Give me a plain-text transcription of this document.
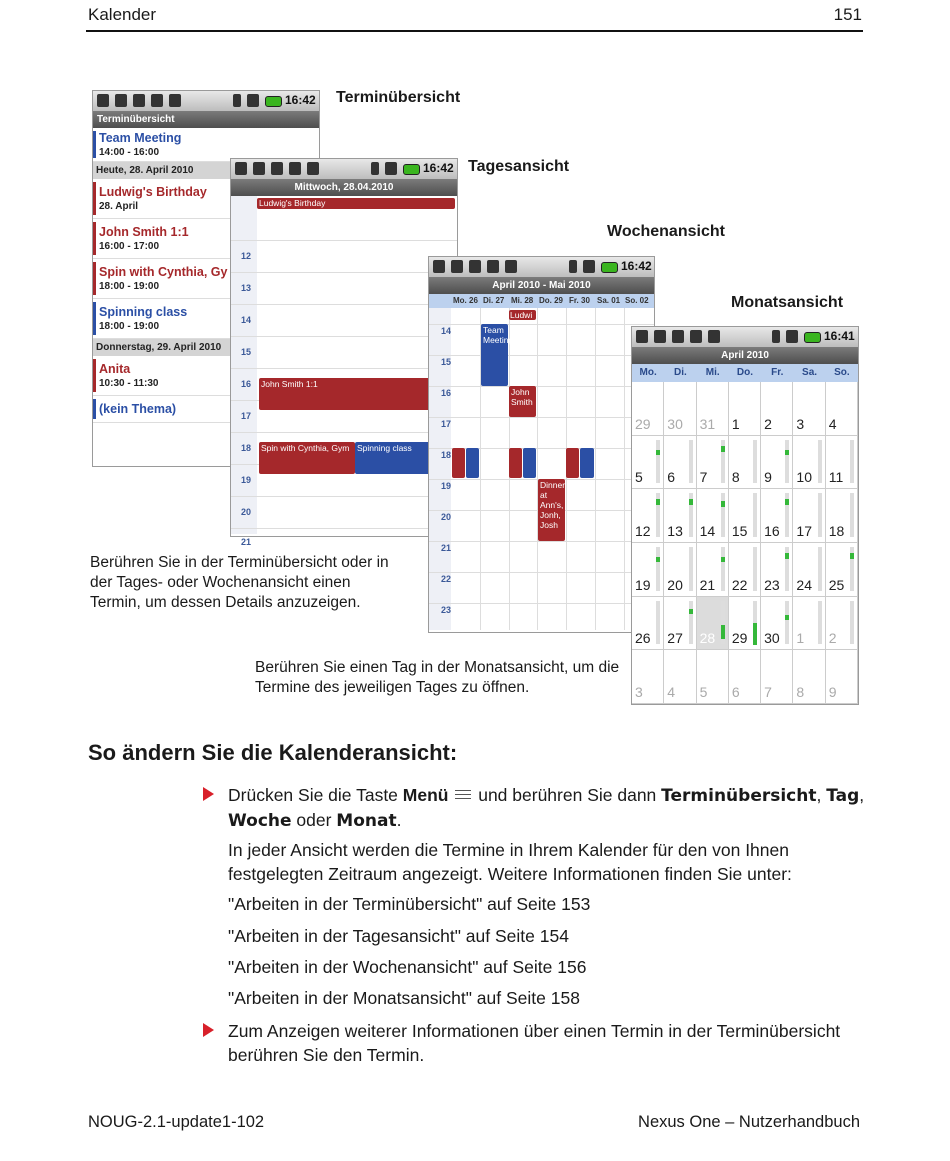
Kalender	151
Terminübersicht
Tagesansicht
Wochenansicht
Monatsansicht
16:42
Terminübersicht
Team Meeting
14:00 - 16:00
Heute, 28. April 2010
Ludwig's Birthday
28. April
John Smith 1:1
16:00 - 17:00
Spin with Cynthia, Gy
18:00 - 19:00
Spinning class
18:00 - 19:00
Donnerstag, 29. April 2010
Anita
10:30 - 11:30
(kein Thema)
16:42
Mittwoch, 28.04.2010
Ludwig's Birthday
12
13
14
15
16
17
18
19
20
21
John Smith 1:1
Spin with Cynthia, Gym Spinning class
16:42
April 2010 - Mai 2010
Mo. 26 Di. 27 Mi. 28 Do. 29 Fr. 30 Sa. 01 So. 02
Ludwi
14
15
16
17
18
19
20
21
22
23
Team Meeting
John Smith
Dinner at Ann's, Jonh, Josh
16:41
April 2010
Mo.	Di.	Mi.	Do.	Fr.	Sa.	So.
29 30 31 1 2 3 4
5 6 7 8 9 10 11
12 13 14 15 16 17 18
19 20 21 22 23 24 25
26 27 28 29 30 1 2
3 4 5 6 7 8 9
Berühren Sie in der Terminübersicht oder in der Tages- oder Wochenansicht einen Termin, um dessen Details anzuzeigen.
Berühren Sie einen Tag in der Monatsansicht, um die Termine des jeweiligen Tages zu öffnen.
So ändern Sie die Kalenderansicht:
Drücken Sie die Taste Menü  und berühren Sie dann Terminübersicht, Tag,
Woche oder Monat.
In jeder Ansicht werden die Termine in Ihrem Kalender für den von Ihnen festgelegten Zeitraum angezeigt. Weitere Informationen finden Sie unter:
"Arbeiten in der Terminübersicht" auf Seite 153
"Arbeiten in der Tagesansicht" auf Seite 154
"Arbeiten in der Wochenansicht" auf Seite 156
"Arbeiten in der Monatsansicht" auf Seite 158
Zum Anzeigen weiterer Informationen über einen Termin in der Terminübersicht berühren Sie den Termin.
NOUG-2.1-update1-102	Nexus One – Nutzerhandbuch
